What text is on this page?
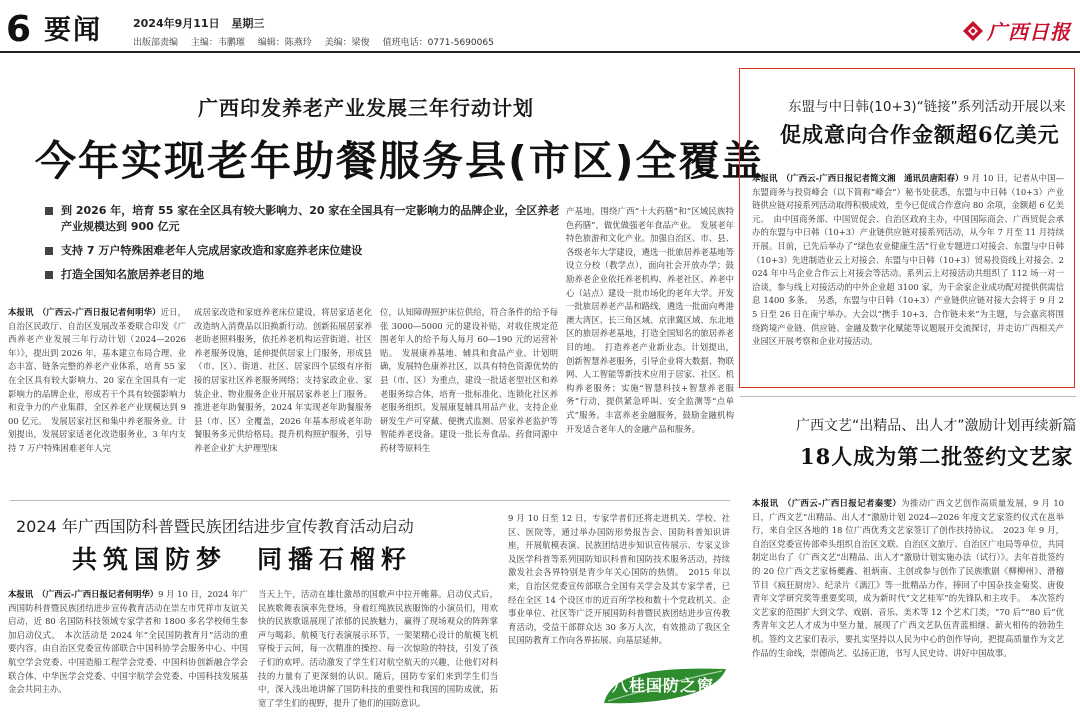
6 要闻	2024年9月11日 星期三
出版部责编 主编：韦鹏璀 编辑：陈燕玲 美编：梁俊 值班电话：0771-5690065	广西日报
广西印发养老产业发展三年行动计划
今年实现老年助餐服务县(市区)全覆盖
到 2026 年，培育 55 家在全区具有较大影响力、20 家在全国具有一定影响力的品牌企业，全区养老产业规模达到 900 亿元
支持 7 万户特殊困难老年人完成居家改造和家庭养老床位建设
打造全国知名旅居养老目的地
本报讯　（广西云-广西日报记者何明华）近日，自治区民政厅、自治区发展改革委联合印发《广西养老产业发展三年行动计划（2024—2026年）》，提出到 2026 年，基本建立布局合理、业态丰富、链条完整的养老产业体系，培育 55 家在全区具有较大影响力、20 家在全国具有一定影响力的品牌企业，形成若干个具有较强影响力和竞争力的产业集群，全区养老产业规模达到 900 亿元。　发展居家社区和集中养老服务业。计划提出，发展居家适老化改造服务业，3 年内支持 7 万户特殊困难老年人完
成居家改造和家庭养老床位建设，将居家适老化改造纳入消费品以旧换新行动。创新拓展居家养老助老照料服务，依托养老机构运营街道、社区养老服务设施，延伸提供居家上门服务，形成县（市、区）、街道、社区、居家四个层级有序衔接的居家社区养老服务网络；支持家政企业、家装企业、物业服务企业开展居家养老上门服务。推进老年助餐服务，2024 年实现老年助餐服务县（市、区）全覆盖，2026 年基本形成老年助餐服务多元供给格局。提升机构照护服务，引导养老企业扩大护理型床
位，认知障碍照护床位供给，符合条件的给予每张 3000—5000 元的建设补贴，对收住规定范围老年人的给予每人每月 60—190 元的运营补贴。　发展康养基地、辅具和食品产业。计划明确，发展特色康养社区，以具有特色资源优势的县（市、区）为重点，建设一批适老型社区和养老服务综合体，培育一批标准化、连锁化社区养老服务组织。发展康复辅具用品产业，支持企业研发生产可穿戴、便携式监测、居家养老监护等智能养老设备。建设一批长寿食品、药食同源中药材等原料生
产基地，围绕广西“十大药膳”和“区域民族特色药膳”，做优做强老年食品产业。　发展老年特色旅游和文化产业。加强自治区、市、县、各级老年大学建设，遴选一批旅居养老基地等设立分校（教学点），面向社会开放办学；鼓励养老企业依托养老机构、养老社区、养老中心（站点）建设一批市场化的老年大学。开发一批旅居养老产品和路线，遴选一批面向粤港澳大湾区、长三角区域、京津冀区域、东北地区的旅居养老基地，打造全国知名的旅居养老目的地。　打造养老产业新业态。计划提出，创新智慧养老服务，引导企业将大数据、物联网、人工智能等新技术应用于居家、社区、机构养老服务；实施“智慧科技+智慧养老服务”行动，提供紧急呼叫、安全监测等“点单式”服务。丰富养老金融服务，鼓励金融机构开发适合老年人的金融产品和服务。
东盟与中日韩(10+3)“链接”系列活动开展以来
促成意向合作金额超6亿美元
本报讯　（广西云-广西日报记者简文湘　通讯员唐阳春）9 月 10 日，记者从中国—东盟商务与投资峰会（以下简称“峰会”）秘书处获悉，东盟与中日韩（10+3）产业链供应链对接系列活动取得积极成效，至今已促成合作意向 80 余项，金额超 6 亿美元。　由中国商务部、中国贸促会、自治区政府主办，中国国际商会、广西贸促会承办的东盟与中日韩（10+3）产业链供应链对接系列活动，从今年 7 月至 11 月持续开展。目前，已先后举办了“绿色农业健康生活”行业专题进口对接会、东盟与中日韩（10+3）先进制造业云上对接会、东盟与中日韩（10+3）贸易投资线上对接会、2024 年中马企业合作云上对接会等活动。系列云上对接活动共组织了 112 场一对一洽谈，参与线上对接活动的中外企业超 3100 家，为千余家企业成功配对提供供需信息 1400 多条。　另悉，东盟与中日韩（10+3）产业链供应链对接大会将于 9 月 25 日至 26 日在南宁举办。大会以“携手 10+3、合作链未来”为主题，与会嘉宾将围绕跨境产业链、供应链、金融及数字化赋能等议题展开交流探讨，并走访广西相关产业园区开展考察和企业对接活动。
广西文艺“出精品、出人才”激励计划再续新篇
18人成为第二批签约文艺家
本报讯　（广西云-广西日报记者秦雯）为推动广西文艺创作高质量发展，9 月 10 日，广西文艺“出精品、出人才”激励计划 2024—2026 年度文艺家签约仪式在邕举行，来自全区各地的 18 位广西优秀文艺家签订了创作扶持协议。　2023 年 9 月，自治区党委宣传部牵头组织自治区文联、自治区文旅厅、自治区广电局等单位，共同制定出台了《广西文艺“出精品、出人才”激励计划实施办法（试行）》。去年首批签约的 20 位广西文艺家杨夔鑫、祖炳南、主创或参与创作了民族歌剧《柳柳州》、滑稽节目《疯狂厨房》、纪录片《漓江》等一批精品力作，捧回了中国杂技金菊奖、唐俊青年文学研究奖等重要奖项，成为新时代“文艺桂军”的先锋队和主攻手。　本次签约文艺家的范围扩大到文学、戏剧、音乐、美术等 12 个艺术门类，“70 后”“80 后”优秀青年文艺人才成为中坚力量，展现了广西文艺队伍青蓝相继、薪火相传的勃勃生机。签约文艺家们表示，要扎实坚持以人民为中心的创作导向，把提高质量作为文艺作品的生命线，崇德尚艺、弘扬正道，书写人民史诗、讲好中国故事。
2024 年广西国防科普暨民族团结进步宣传教育活动启动
共筑国防梦 同播石榴籽
本报讯　（广西云-广西日报记者何明华）9 月 10 日，2024 年广西国防科普暨民族团结进步宣传教育活动在崇左市凭祥市友谊关启动，近 80 名国防科技领域专家学者和 1800 多名学校师生参加启动仪式。　本次活动是 2024 年“全民国防教育月”活动的重要内容，由自治区党委宣传部联合中国科协学会服务中心、中国航空学会党委、中国造船工程学会党委、中国科协创新融合学会联合体、中华医学会党委、中国宇航学会党委、中国科技发展基金会共同主办。
当天上午，活动在雄壮激昂的国歌声中拉开帷幕。启动仪式后，民族歌舞表演率先登场，身着红绳族民族服饰的小演员们，用欢快的民族歌谣展现了浓郁的民族魅力，赢得了现场观众的阵阵掌声与喝彩。航模飞行表演展示环节，一架架精心设计的航模飞机穿梭于云间，每一次精准的操控、每一次惊险的特技，引发了孩子们的欢呼。活动激发了学生们对航空航天的兴趣，让他们对科技的力量有了更深刻的认识。随后，国防专家们来到学生们当中，深入浅出地讲解了国防科技的重要性和我国的国防成就，拓宽了学生们的视野，提升了他们的国防意识。
9 月 10 日至 12 日，专家学者们还将走进机关、学校、社区、医院等，通过举办国防形势报告会、国防科普知识讲座，开展航模表演、民族团结进步知识宣传展示、专家义诊及医学科普等系列国防知识科普和国防技术服务活动，持续激发社会各界特别是青少年关心国防的热情。　2015 年以来，自治区党委宣传部联合全国有关学会及其专家学者，已经在全区 14 个设区市的近百所学校和数十个党政机关、企事业单位、社区等广泛开展国防科普暨民族团结进步宣传教育活动，受益干部群众达 30 多万人次，有效推动了我区全民国防教育工作向各界拓展、向基层延伸。
八桂国防之窗
